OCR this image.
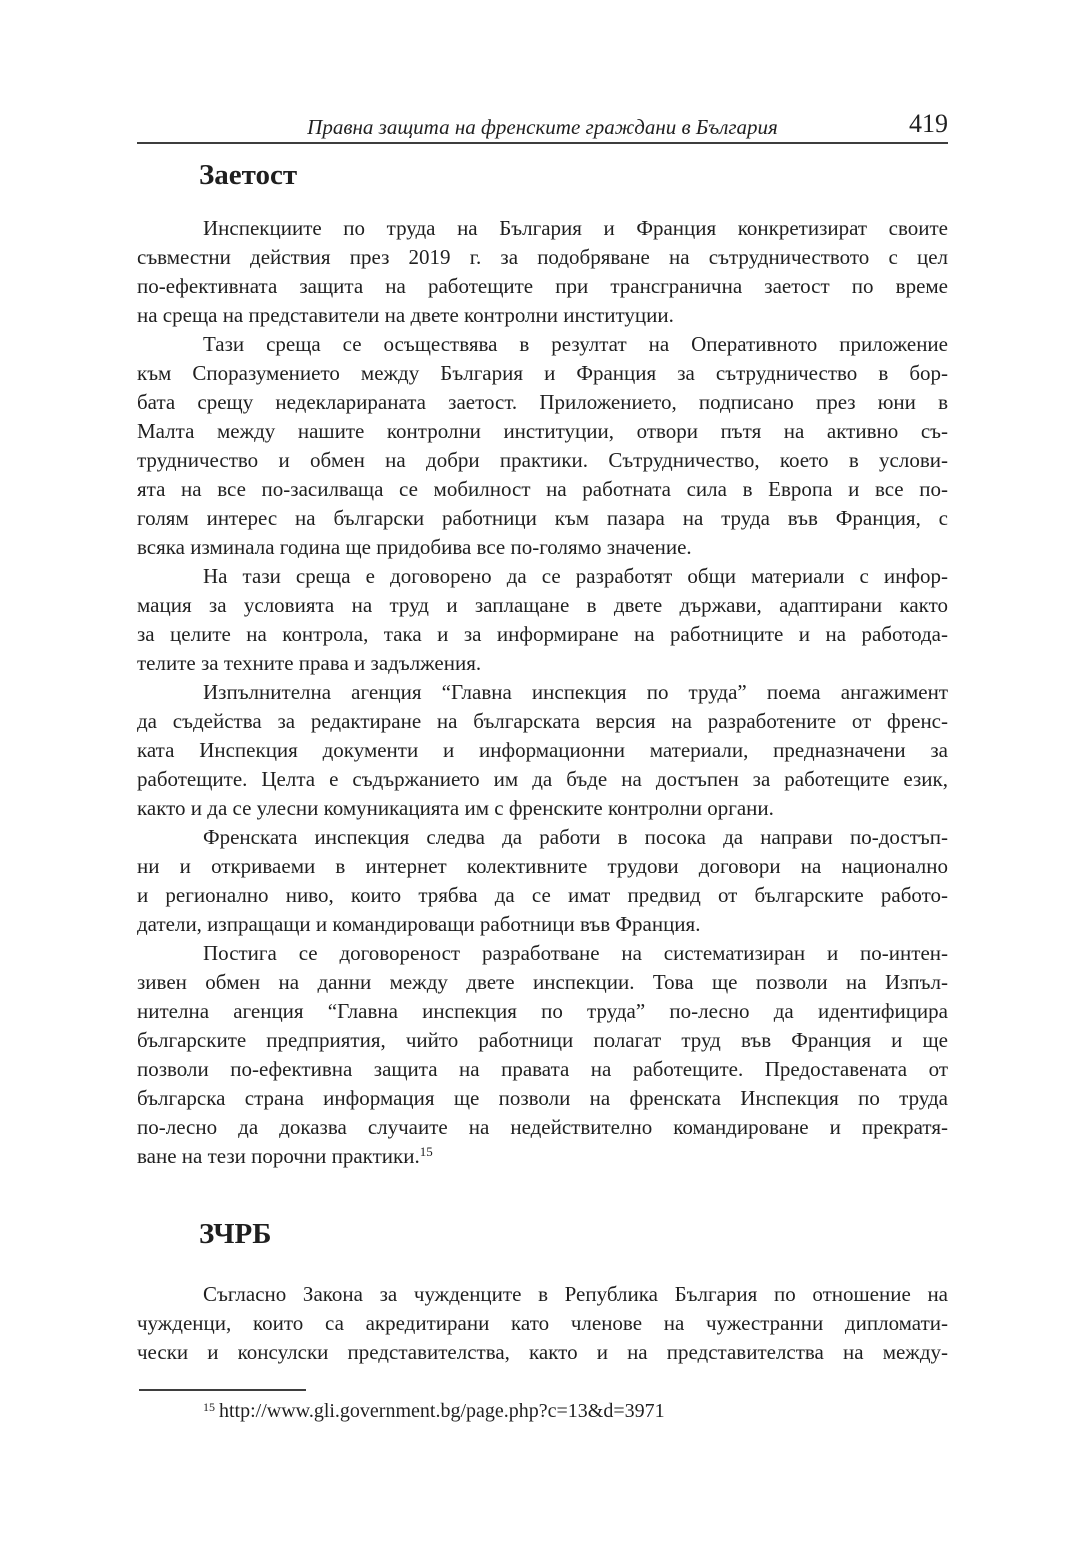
Правна защита на френските граждани в България	419
Заетост
Инспекциите по труда на България и Франция конкретизират своите
съвместни действия през 2019 г. за подобряване на сътрудничеството с цел
по-ефективната защита на работещите при трансгранична заетост по време
на среща на представители на двете контролни институции.
Тази среща се осъществява в резултат на Оперативното приложение
към Споразумението между България и Франция за сътрудничество в бор-
бата срещу недекларираната заетост. Приложението, подписано през юни в
Малта между нашите контролни институции, отвори пътя на активно съ-
трудничество и обмен на добри практики. Сътрудничество, което в услови-
ята на все по-засилваща се мобилност на работната сила в Европа и все по-
голям интерес на български работници към пазара на труда във Франция, с
всяка изминала година ще придобива все по-голямо значение.
На тази среща е договорено да се разработят общи материали с инфор-
мация за условията на труд и заплащане в двете държави, адаптирани както
за целите на контрола, така и за информиране на работниците и на работода-
телите за техните права и задължения.
Изпълнителна агенция “Главна инспекция по труда” поема ангажимент
да съдейства за редактиране на българската версия на разработените от френс-
ката Инспекция документи и информационни материали, предназначени за
работещите. Целта е съдържанието им да бъде на достъпен за работещите език,
както и да се улесни комуникацията им с френските контролни органи.
Френската инспекция следва да работи в посока да направи по-достъп-
ни и откриваеми в интернет колективните трудови договори на национално
и регионално ниво, които трябва да се имат предвид от българските работо-
датели, изпращащи и командироващи работници във Франция.
Постига се договореност разработване на систематизиран и по-интен-
зивен обмен на данни между двете инспекции. Това ще позволи на Изпъл-
нителна агенция “Главна инспекция по труда” по-лесно да идентифицира
българските предприятия, чийто работници полагат труд във Франция и ще
позволи по-ефективна защита на правата на работещите. Предоставената от
българска страна информация ще позволи на френската Инспекция по труда
по-лесно да доказва случаите на недействително командироване и прекратя-
ване на тези порочни практики.$^{15}$
ЗЧРБ
Съгласно Закона за чужденците в Република България по отношение на
чужденци, които са акредитирани като членове на чужестранни дипломати-
чески и консулски представителства, както и на представителства на между-
$^{15}$ http://www.gli.government.bg/page.php?c=13&d=3971
